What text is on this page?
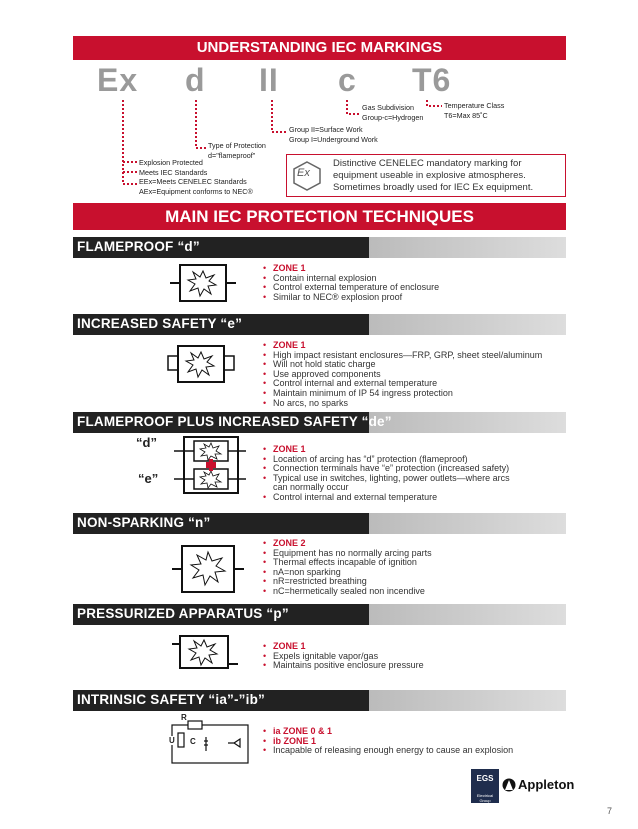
UNDERSTANDING IEC MARKINGS
Ex d II c T6
Gas Subdivision
Group-c=Hydrogen
Temperature Class
T6=Max 85˚C
Group II=Surface Work
Group I=Underground Work
Type of Protection
d="flameproof"
Explosion Protected
Meets IEC Standards
EEx=Meets CENELEC Standards
AEx=Equipment conforms to NEC®
Ex
Distinctive CENELEC mandatory marking for equipment useable in explosive atmospheres. Sometimes broadly used for IEC Ex equipment.
MAIN IEC PROTECTION TECHNIQUES
FLAMEPROOF “d”
• ZONE 1
• Contain internal explosion
• Control external temperature of enclosure
• Similar to NEC® explosion proof
INCREASED SAFETY “e”
• ZONE 1
• High impact resistant enclosures—FRP, GRP, sheet steel/aluminum
• Will not hold static charge
• Use approved components
• Control internal and external temperature
• Maintain minimum of IP 54 ingress protection
• No arcs, no sparks
FLAMEPROOF PLUS INCREASED SAFETY “de”
“d”
“e”
• ZONE 1
• Location of arcing has “d” protection (flameproof)
• Connection terminals have “e” protection (increased safety)
• Typical use in switches, lighting, power outlets—where arcs can normally occur
• Control internal and external temperature
NON-SPARKING “n”
• ZONE 2
• Equipment has no normally arcing parts
• Thermal effects incapable of ignition
• nA=non sparking
• nR=restricted breathing
• nC=hermetically sealed non incendive
PRESSURIZED APPARATUS “p”
• ZONE 1
• Expels ignitable vapor/gas
• Maintains positive enclosure pressure
INTRINSIC SAFETY “ia”-”ib”
R
U C
• ia ZONE 0 & 1
• ib ZONE 1
• Incapable of releasing enough energy to cause an explosion
EGS
Electrical Group
Appleton
7
